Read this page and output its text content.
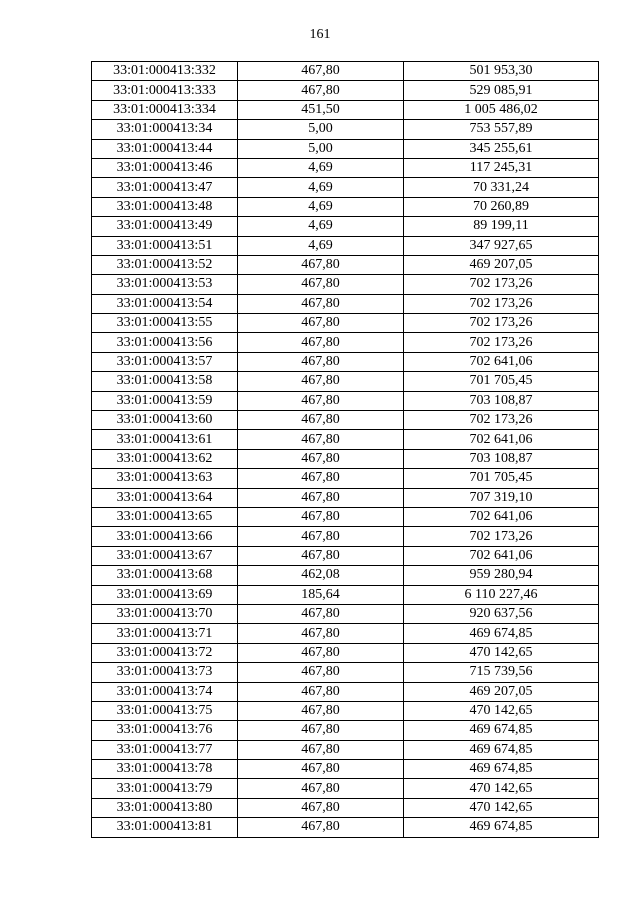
161
33:01:000413:332	467,80	501 953,30
33:01:000413:333	467,80	529 085,91
33:01:000413:334	451,50	1 005 486,02
33:01:000413:34	5,00	753 557,89
33:01:000413:44	5,00	345 255,61
33:01:000413:46	4,69	117 245,31
33:01:000413:47	4,69	70 331,24
33:01:000413:48	4,69	70 260,89
33:01:000413:49	4,69	89 199,11
33:01:000413:51	4,69	347 927,65
33:01:000413:52	467,80	469 207,05
33:01:000413:53	467,80	702 173,26
33:01:000413:54	467,80	702 173,26
33:01:000413:55	467,80	702 173,26
33:01:000413:56	467,80	702 173,26
33:01:000413:57	467,80	702 641,06
33:01:000413:58	467,80	701 705,45
33:01:000413:59	467,80	703 108,87
33:01:000413:60	467,80	702 173,26
33:01:000413:61	467,80	702 641,06
33:01:000413:62	467,80	703 108,87
33:01:000413:63	467,80	701 705,45
33:01:000413:64	467,80	707 319,10
33:01:000413:65	467,80	702 641,06
33:01:000413:66	467,80	702 173,26
33:01:000413:67	467,80	702 641,06
33:01:000413:68	462,08	959 280,94
33:01:000413:69	185,64	6 110 227,46
33:01:000413:70	467,80	920 637,56
33:01:000413:71	467,80	469 674,85
33:01:000413:72	467,80	470 142,65
33:01:000413:73	467,80	715 739,56
33:01:000413:74	467,80	469 207,05
33:01:000413:75	467,80	470 142,65
33:01:000413:76	467,80	469 674,85
33:01:000413:77	467,80	469 674,85
33:01:000413:78	467,80	469 674,85
33:01:000413:79	467,80	470 142,65
33:01:000413:80	467,80	470 142,65
33:01:000413:81	467,80	469 674,85
